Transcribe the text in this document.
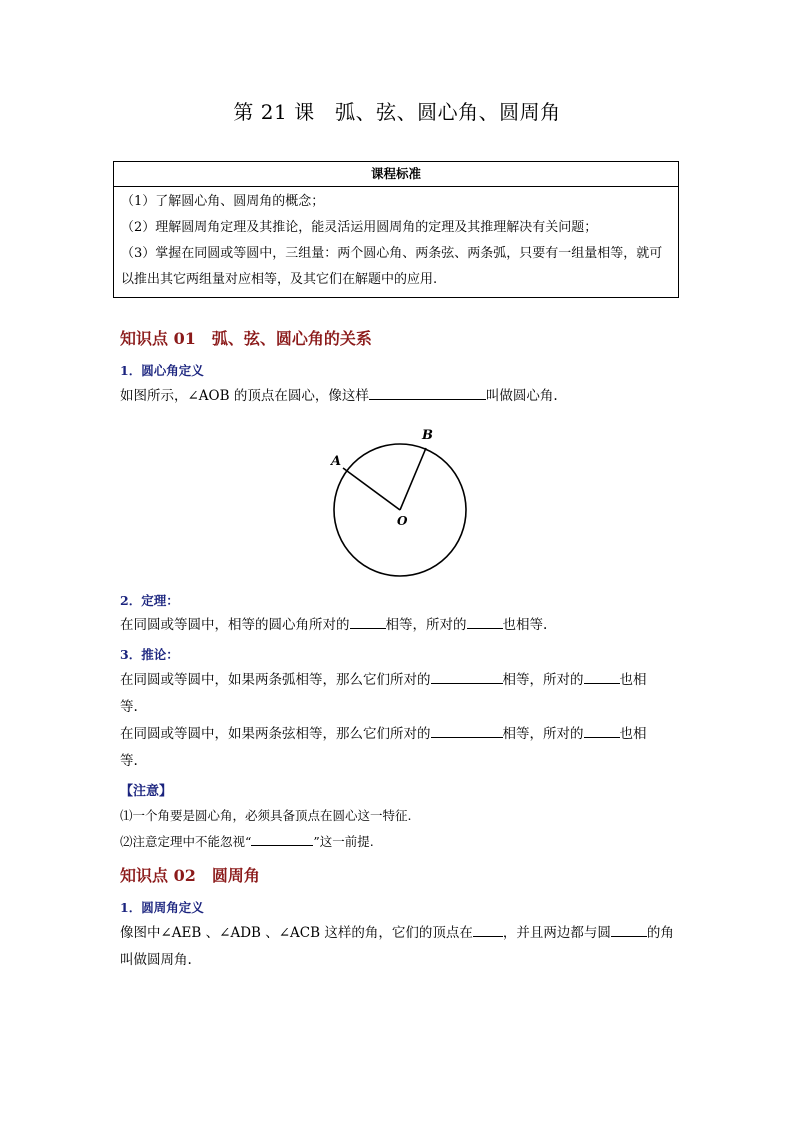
第 21 课　弧、弦、圆心角、圆周角
课程标准
（1）了解圆心角、圆周角的概念；
（2）理解圆周角定理及其推论，能灵活运用圆周角的定理及其推理解决有关问题；
（3）掌握在同圆或等圆中，三组量：两个圆心角、两条弦、两条弧，只要有一组量相等，就可以推出其它两组量对应相等，及其它们在解题中的应用.
知识点 01　弧、弦、圆心角的关系
1．圆心角定义
如图所示，∠AOB 的顶点在圆心，像这样	叫做圆心角.
B
A
O
2．定理：
在同圆或等圆中，相等的圆心角所对的	相等，所对的	也相等.
3．推论：
在同圆或等圆中，如果两条弧相等，那么它们所对的	相等，所对的	也相
等.
在同圆或等圆中，如果两条弦相等，那么它们所对的	相等，所对的	也相
等.
【注意】
⑴一个角要是圆心角，必须具备顶点在圆心这一特征.
⑵注意定理中不能忽视“	”这一前提.
知识点 02　圆周角
1．圆周角定义
像图中∠AEB 、∠ADB 、∠ACB 这样的角，它们的顶点在 ，并且两边都与圆	的角
叫做圆周角.
